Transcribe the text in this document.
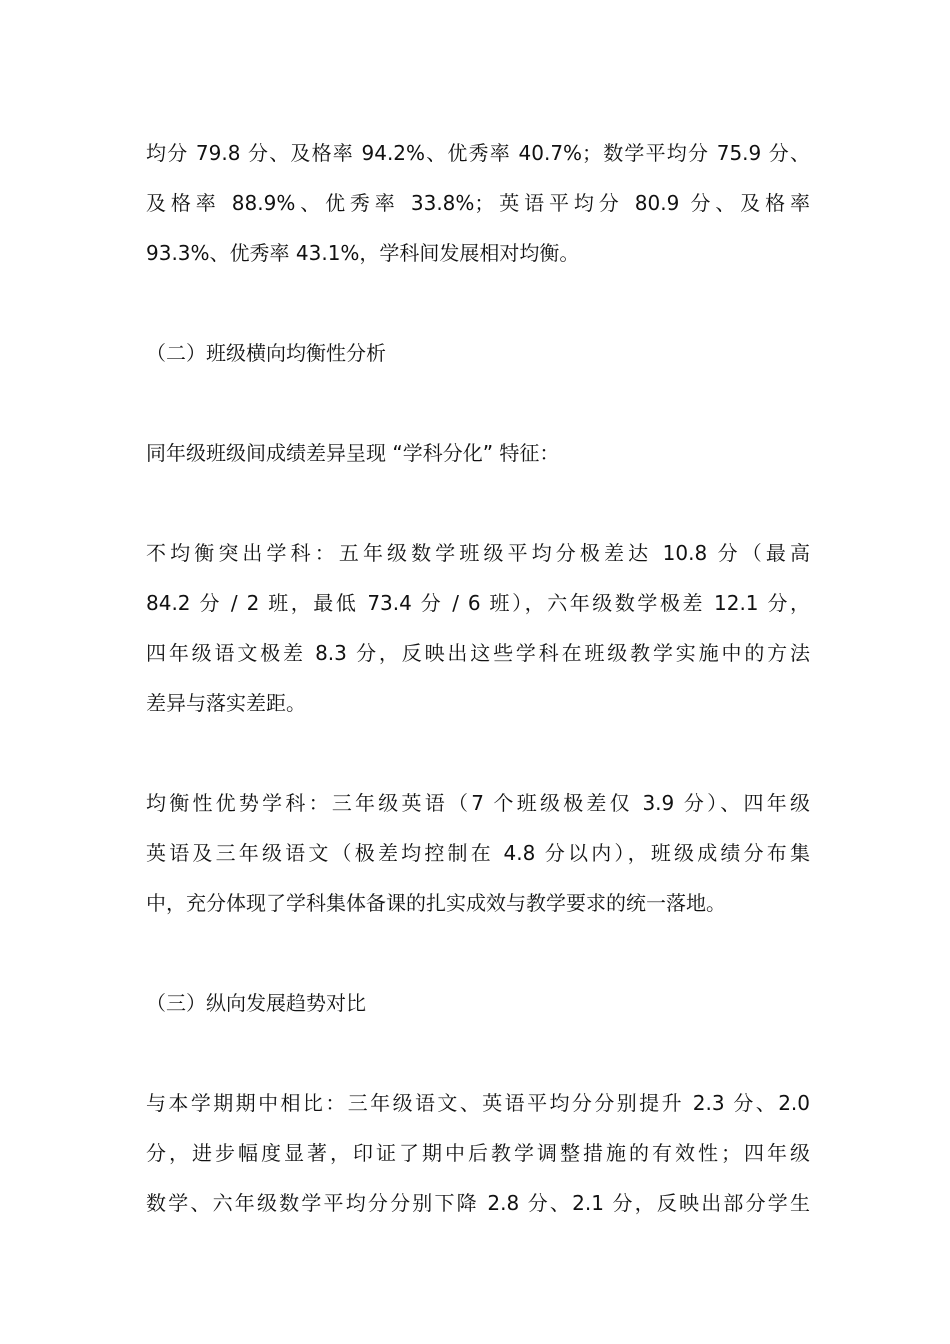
均分 79.8 分、及格率 94.2%、优秀率 40.7%；数学平均分 75.9 分、
及格率 88.9%、优秀率 33.8%；英语平均分 80.9 分、及格率
93.3%、优秀率 43.1%，学科间发展相对均衡。
（二）班级横向均衡性分析
同年级班级间成绩差异呈现 “学科分化” 特征：
不均衡突出学科：五年级数学班级平均分极差达 10.8 分（最高
84.2 分 / 2 班，最低 73.4 分 / 6 班），六年级数学极差 12.1 分，
四年级语文极差 8.3 分，反映出这些学科在班级教学实施中的方法
差异与落实差距。
均衡性优势学科：三年级英语（7 个班级极差仅 3.9 分）、四年级
英语及三年级语文（极差均控制在 4.8 分以内），班级成绩分布集
中，充分体现了学科集体备课的扎实成效与教学要求的统一落地。
（三）纵向发展趋势对比
与本学期期中相比：三年级语文、英语平均分分别提升 2.3 分、2.0
分，进步幅度显著，印证了期中后教学调整措施的有效性；四年级
数学、六年级数学平均分分别下降 2.8 分、2.1 分，反映出部分学生
